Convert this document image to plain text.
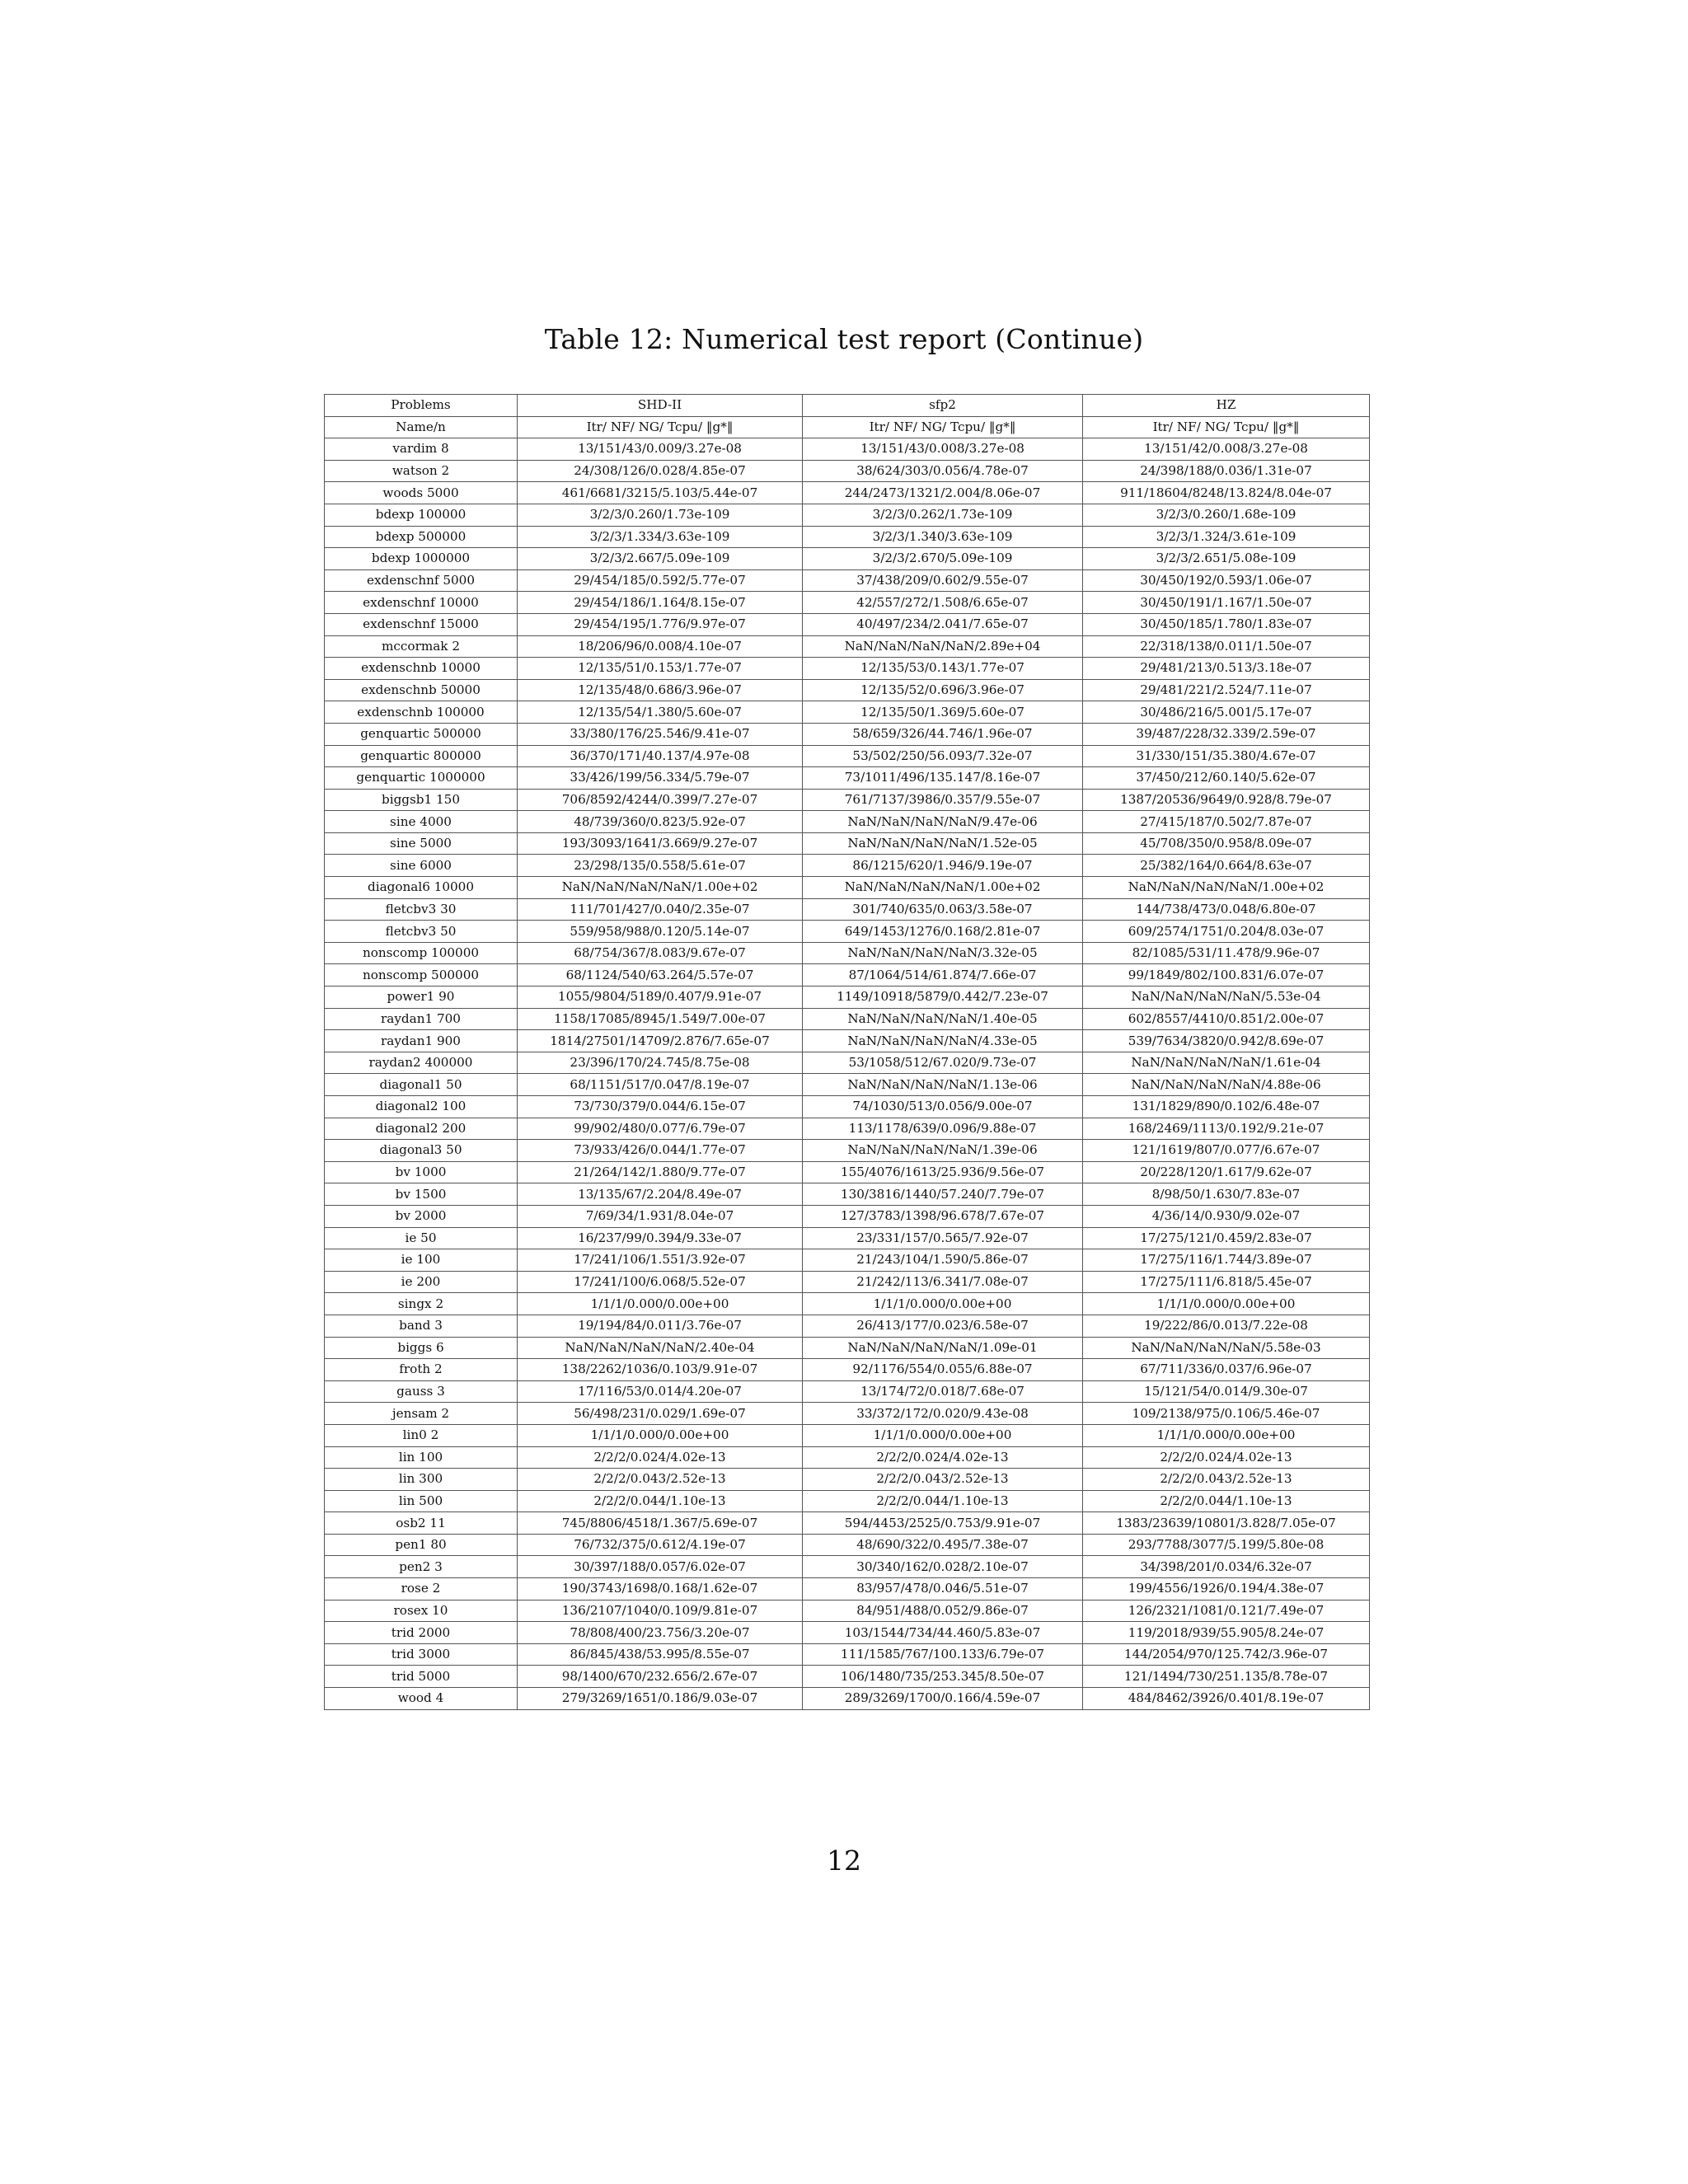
Table 12: Numerical test report (Continue)
Problems	SHD-II	sfp2	HZ
Name/n	Itr/ NF/ NG/ Tcpu/ ‖g*‖	Itr/ NF/ NG/ Tcpu/ ‖g*‖	Itr/ NF/ NG/ Tcpu/ ‖g*‖
vardim 8	13/151/43/0.009/3.27e-08	13/151/43/0.008/3.27e-08	13/151/42/0.008/3.27e-08
watson 2	24/308/126/0.028/4.85e-07	38/624/303/0.056/4.78e-07	24/398/188/0.036/1.31e-07
woods 5000	461/6681/3215/5.103/5.44e-07	244/2473/1321/2.004/8.06e-07	911/18604/8248/13.824/8.04e-07
bdexp 100000	3/2/3/0.260/1.73e-109	3/2/3/0.262/1.73e-109	3/2/3/0.260/1.68e-109
bdexp 500000	3/2/3/1.334/3.63e-109	3/2/3/1.340/3.63e-109	3/2/3/1.324/3.61e-109
bdexp 1000000	3/2/3/2.667/5.09e-109	3/2/3/2.670/5.09e-109	3/2/3/2.651/5.08e-109
exdenschnf 5000	29/454/185/0.592/5.77e-07	37/438/209/0.602/9.55e-07	30/450/192/0.593/1.06e-07
exdenschnf 10000	29/454/186/1.164/8.15e-07	42/557/272/1.508/6.65e-07	30/450/191/1.167/1.50e-07
exdenschnf 15000	29/454/195/1.776/9.97e-07	40/497/234/2.041/7.65e-07	30/450/185/1.780/1.83e-07
mccormak 2	18/206/96/0.008/4.10e-07	NaN/NaN/NaN/NaN/2.89e+04	22/318/138/0.011/1.50e-07
exdenschnb 10000	12/135/51/0.153/1.77e-07	12/135/53/0.143/1.77e-07	29/481/213/0.513/3.18e-07
exdenschnb 50000	12/135/48/0.686/3.96e-07	12/135/52/0.696/3.96e-07	29/481/221/2.524/7.11e-07
exdenschnb 100000	12/135/54/1.380/5.60e-07	12/135/50/1.369/5.60e-07	30/486/216/5.001/5.17e-07
genquartic 500000	33/380/176/25.546/9.41e-07	58/659/326/44.746/1.96e-07	39/487/228/32.339/2.59e-07
genquartic 800000	36/370/171/40.137/4.97e-08	53/502/250/56.093/7.32e-07	31/330/151/35.380/4.67e-07
genquartic 1000000	33/426/199/56.334/5.79e-07	73/1011/496/135.147/8.16e-07	37/450/212/60.140/5.62e-07
biggsb1 150	706/8592/4244/0.399/7.27e-07	761/7137/3986/0.357/9.55e-07	1387/20536/9649/0.928/8.79e-07
sine 4000	48/739/360/0.823/5.92e-07	NaN/NaN/NaN/NaN/9.47e-06	27/415/187/0.502/7.87e-07
sine 5000	193/3093/1641/3.669/9.27e-07	NaN/NaN/NaN/NaN/1.52e-05	45/708/350/0.958/8.09e-07
sine 6000	23/298/135/0.558/5.61e-07	86/1215/620/1.946/9.19e-07	25/382/164/0.664/8.63e-07
diagonal6 10000	NaN/NaN/NaN/NaN/1.00e+02	NaN/NaN/NaN/NaN/1.00e+02	NaN/NaN/NaN/NaN/1.00e+02
fletcbv3 30	111/701/427/0.040/2.35e-07	301/740/635/0.063/3.58e-07	144/738/473/0.048/6.80e-07
fletcbv3 50	559/958/988/0.120/5.14e-07	649/1453/1276/0.168/2.81e-07	609/2574/1751/0.204/8.03e-07
nonscomp 100000	68/754/367/8.083/9.67e-07	NaN/NaN/NaN/NaN/3.32e-05	82/1085/531/11.478/9.96e-07
nonscomp 500000	68/1124/540/63.264/5.57e-07	87/1064/514/61.874/7.66e-07	99/1849/802/100.831/6.07e-07
power1 90	1055/9804/5189/0.407/9.91e-07	1149/10918/5879/0.442/7.23e-07	NaN/NaN/NaN/NaN/5.53e-04
raydan1 700	1158/17085/8945/1.549/7.00e-07	NaN/NaN/NaN/NaN/1.40e-05	602/8557/4410/0.851/2.00e-07
raydan1 900	1814/27501/14709/2.876/7.65e-07	NaN/NaN/NaN/NaN/4.33e-05	539/7634/3820/0.942/8.69e-07
raydan2 400000	23/396/170/24.745/8.75e-08	53/1058/512/67.020/9.73e-07	NaN/NaN/NaN/NaN/1.61e-04
diagonal1 50	68/1151/517/0.047/8.19e-07	NaN/NaN/NaN/NaN/1.13e-06	NaN/NaN/NaN/NaN/4.88e-06
diagonal2 100	73/730/379/0.044/6.15e-07	74/1030/513/0.056/9.00e-07	131/1829/890/0.102/6.48e-07
diagonal2 200	99/902/480/0.077/6.79e-07	113/1178/639/0.096/9.88e-07	168/2469/1113/0.192/9.21e-07
diagonal3 50	73/933/426/0.044/1.77e-07	NaN/NaN/NaN/NaN/1.39e-06	121/1619/807/0.077/6.67e-07
bv 1000	21/264/142/1.880/9.77e-07	155/4076/1613/25.936/9.56e-07	20/228/120/1.617/9.62e-07
bv 1500	13/135/67/2.204/8.49e-07	130/3816/1440/57.240/7.79e-07	8/98/50/1.630/7.83e-07
bv 2000	7/69/34/1.931/8.04e-07	127/3783/1398/96.678/7.67e-07	4/36/14/0.930/9.02e-07
ie 50	16/237/99/0.394/9.33e-07	23/331/157/0.565/7.92e-07	17/275/121/0.459/2.83e-07
ie 100	17/241/106/1.551/3.92e-07	21/243/104/1.590/5.86e-07	17/275/116/1.744/3.89e-07
ie 200	17/241/100/6.068/5.52e-07	21/242/113/6.341/7.08e-07	17/275/111/6.818/5.45e-07
singx 2	1/1/1/0.000/0.00e+00	1/1/1/0.000/0.00e+00	1/1/1/0.000/0.00e+00
band 3	19/194/84/0.011/3.76e-07	26/413/177/0.023/6.58e-07	19/222/86/0.013/7.22e-08
biggs 6	NaN/NaN/NaN/NaN/2.40e-04	NaN/NaN/NaN/NaN/1.09e-01	NaN/NaN/NaN/NaN/5.58e-03
froth 2	138/2262/1036/0.103/9.91e-07	92/1176/554/0.055/6.88e-07	67/711/336/0.037/6.96e-07
gauss 3	17/116/53/0.014/4.20e-07	13/174/72/0.018/7.68e-07	15/121/54/0.014/9.30e-07
jensam 2	56/498/231/0.029/1.69e-07	33/372/172/0.020/9.43e-08	109/2138/975/0.106/5.46e-07
lin0 2	1/1/1/0.000/0.00e+00	1/1/1/0.000/0.00e+00	1/1/1/0.000/0.00e+00
lin 100	2/2/2/0.024/4.02e-13	2/2/2/0.024/4.02e-13	2/2/2/0.024/4.02e-13
lin 300	2/2/2/0.043/2.52e-13	2/2/2/0.043/2.52e-13	2/2/2/0.043/2.52e-13
lin 500	2/2/2/0.044/1.10e-13	2/2/2/0.044/1.10e-13	2/2/2/0.044/1.10e-13
osb2 11	745/8806/4518/1.367/5.69e-07	594/4453/2525/0.753/9.91e-07	1383/23639/10801/3.828/7.05e-07
pen1 80	76/732/375/0.612/4.19e-07	48/690/322/0.495/7.38e-07	293/7788/3077/5.199/5.80e-08
pen2 3	30/397/188/0.057/6.02e-07	30/340/162/0.028/2.10e-07	34/398/201/0.034/6.32e-07
rose 2	190/3743/1698/0.168/1.62e-07	83/957/478/0.046/5.51e-07	199/4556/1926/0.194/4.38e-07
rosex 10	136/2107/1040/0.109/9.81e-07	84/951/488/0.052/9.86e-07	126/2321/1081/0.121/7.49e-07
trid 2000	78/808/400/23.756/3.20e-07	103/1544/734/44.460/5.83e-07	119/2018/939/55.905/8.24e-07
trid 3000	86/845/438/53.995/8.55e-07	111/1585/767/100.133/6.79e-07	144/2054/970/125.742/3.96e-07
trid 5000	98/1400/670/232.656/2.67e-07	106/1480/735/253.345/8.50e-07	121/1494/730/251.135/8.78e-07
wood 4	279/3269/1651/0.186/9.03e-07	289/3269/1700/0.166/4.59e-07	484/8462/3926/0.401/8.19e-07
12
